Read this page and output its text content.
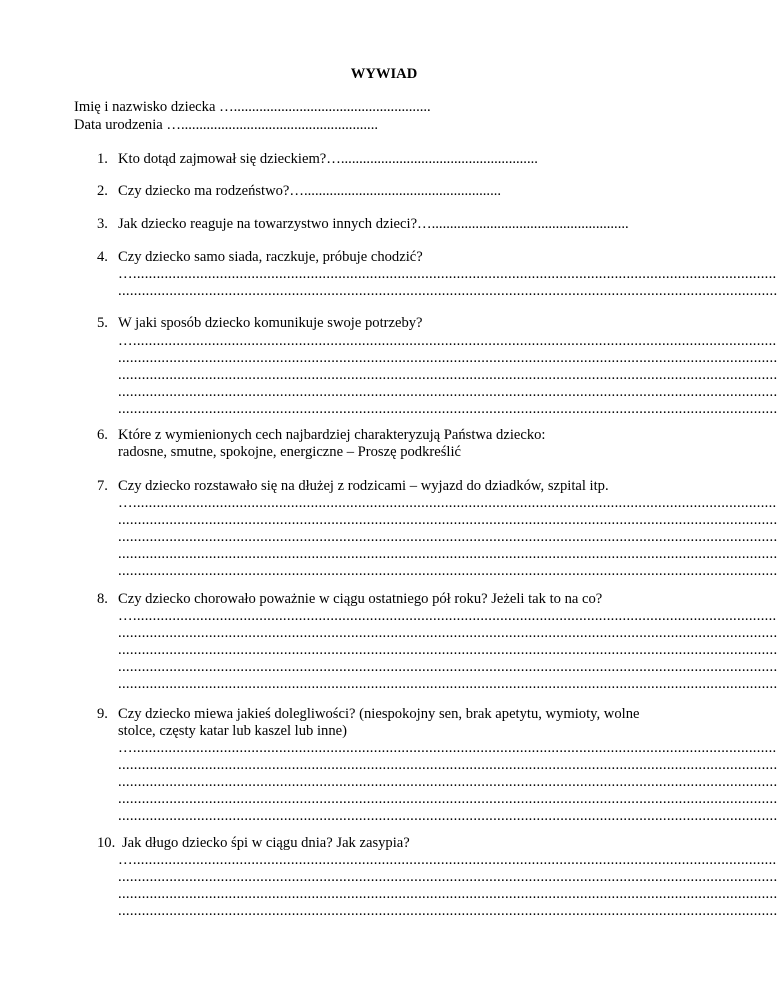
WYWIAD
Imię i nazwisko dziecka …......................................................
Data urodzenia …......................................................
1. Kto dotąd zajmował się dzieckiem?…......................................................
2. Czy dziecko ma rodzeństwo?…......................................................
3. Jak dziecko reaguje na towarzystwo innych dzieci?…......................................................
4. Czy dziecko samo siada, raczkuje, próbuje chodzić?
…...................................................................................................................................................................
.......................................................................................................................................................................
5. W jaki sposób dziecko komunikuje swoje potrzeby?
…...................................................................................................................................................................
.......................................................................................................................................................................
.......................................................................................................................................................................
.......................................................................................................................................................................
.......................................................................................................................................................................
6. Które z wymienionych cech najbardziej charakteryzują Państwa dziecko:
radosne, smutne, spokojne, energiczne – Proszę podkreślić
7. Czy dziecko rozstawało się na dłużej z rodzicami – wyjazd do dziadków, szpital itp.
…...................................................................................................................................................................
.......................................................................................................................................................................
.......................................................................................................................................................................
.......................................................................................................................................................................
.......................................................................................................................................................................
8. Czy dziecko chorowało poważnie w ciągu ostatniego pół roku? Jeżeli tak to na co?
…...................................................................................................................................................................
.......................................................................................................................................................................
.......................................................................................................................................................................
.......................................................................................................................................................................
.......................................................................................................................................................................
9. Czy dziecko miewa jakieś dolegliwości? (niespokojny sen, brak apetytu, wymioty, wolne
stolce, częsty katar lub kaszel lub inne)
…...................................................................................................................................................................
.......................................................................................................................................................................
.......................................................................................................................................................................
.......................................................................................................................................................................
.......................................................................................................................................................................
10. Jak długo dziecko śpi w ciągu dnia? Jak zasypia?
…...................................................................................................................................................................
.......................................................................................................................................................................
.......................................................................................................................................................................
.......................................................................................................................................................................
